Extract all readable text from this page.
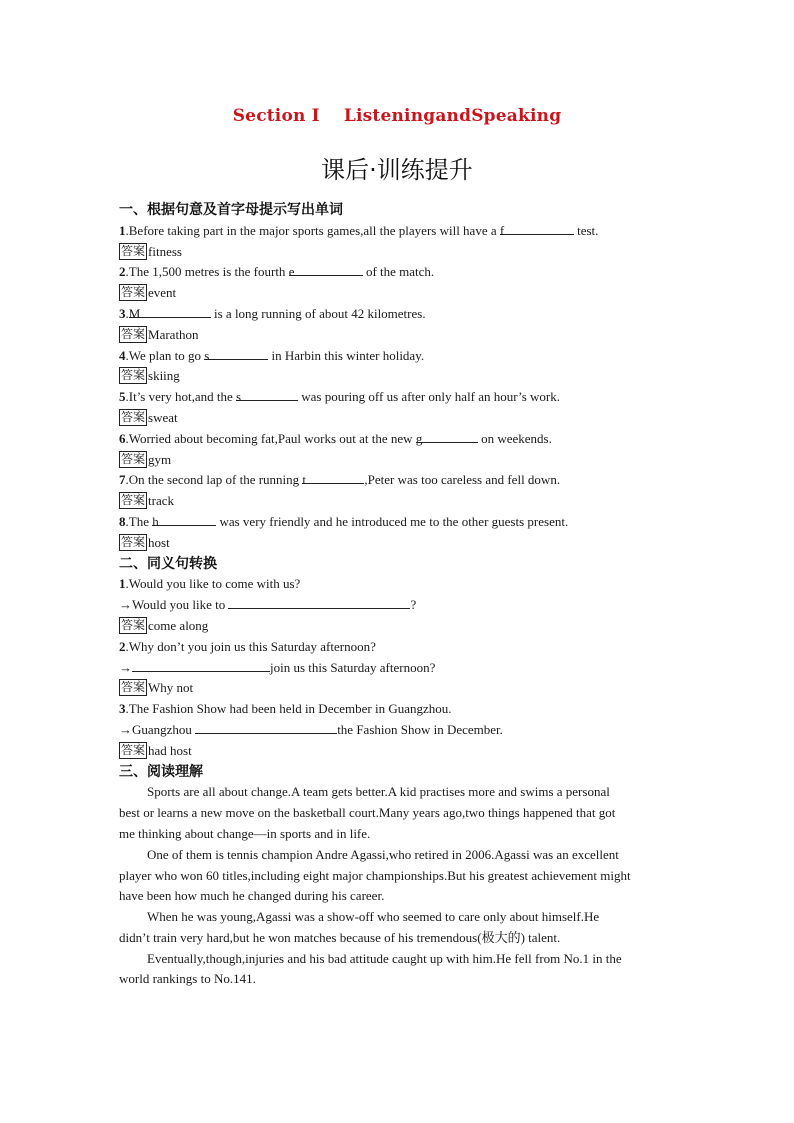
Section Ⅰ ListeningandSpeaking
课后·训练提升
一、根据句意及首字母提示写出单词
1.Before taking part in the major sports games,all the players will have a f	test.
答案 fitness
2.The 1,500 metres is the fourth e	of the match.
答案 event
3.M	is a long running of about 42 kilometres.
答案 Marathon
4.We plan to go s	in Harbin this winter holiday.
答案 skiing
5.It’s very hot,and the s	was pouring off us after only half an hour’s work.
答案 sweat
6.Worried about becoming fat,Paul works out at the new g	on weekends.
答案 gym
7.On the second lap of the running t	,Peter was too careless and fell down.
答案 track
8.The h	was very friendly and he introduced me to the other guests present.
答案 host
二、同义句转换
1.Would you like to come with us?
→Would you like to	?
答案 come along
2.Why don’t you join us this Saturday afternoon?
→	join us this Saturday afternoon?
答案 Why not
3.The Fashion Show had been held in December in Guangzhou.
→Guangzhou	the Fashion Show in December.
答案 had host
三、阅读理解
Sports are all about change.A team gets better.A kid practises more and swims a personal
best or learns a new move on the basketball court.Many years ago,two things happened that got
me thinking about change—in sports and in life.
One of them is tennis champion Andre Agassi,who retired in 2006.Agassi was an excellent
player who won 60 titles,including eight major championships.But his greatest achievement might
have been how much he changed during his career.
When he was young,Agassi was a show-off who seemed to care only about himself.He
didn’t train very hard,but he won matches because of his tremendous(极大的) talent.
Eventually,though,injuries and his bad attitude caught up with him.He fell from No.1 in the
world rankings to No.141.
